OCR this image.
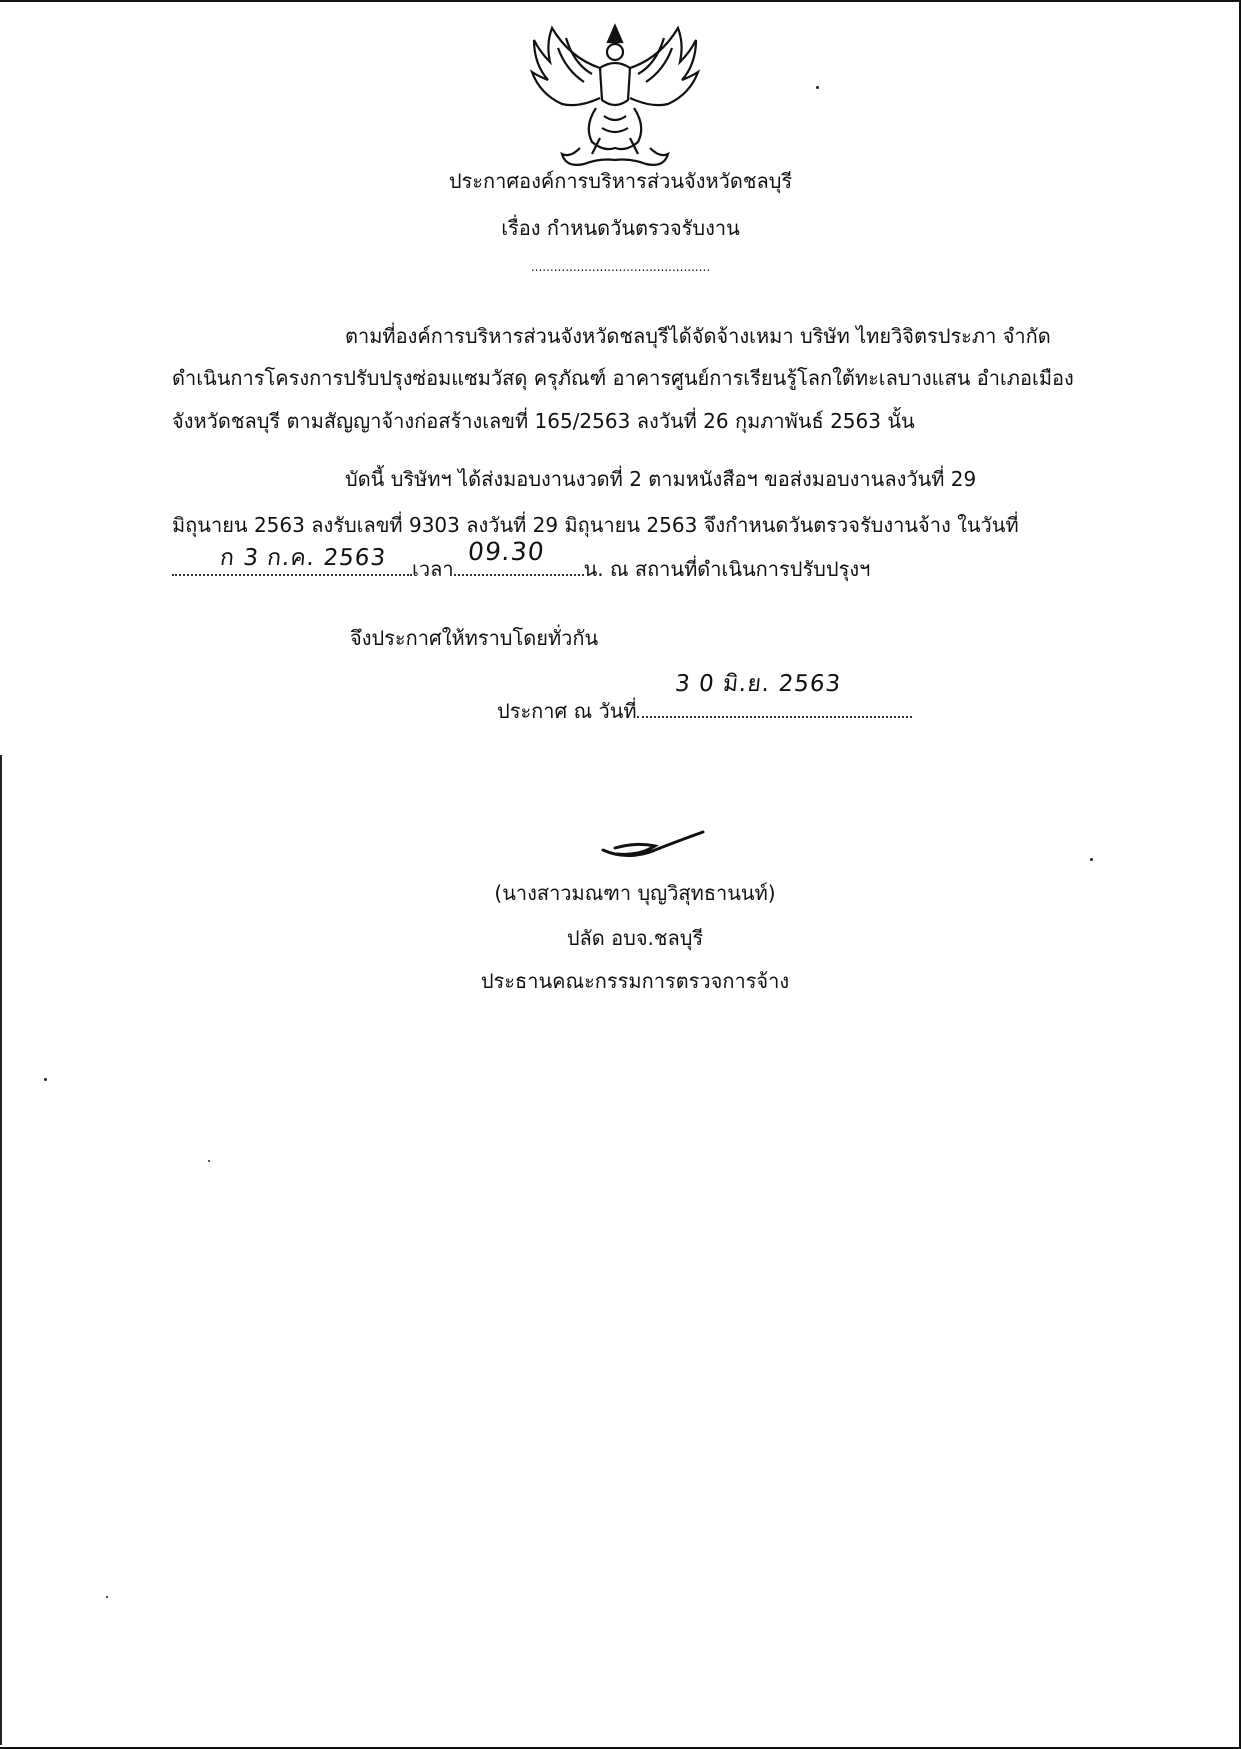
ประกาศองค์การบริหารส่วนจังหวัดชลบุรี
เรื่อง กำหนดวันตรวจรับงาน
...............................................
ตามที่องค์การบริหารส่วนจังหวัดชลบุรีได้จัดจ้างเหมา บริษัท ไทยวิจิตรประภา จำกัด
ดำเนินการโครงการปรับปรุงซ่อมแซมวัสดุ ครุภัณฑ์ อาคารศูนย์การเรียนรู้โลกใต้ทะเลบางแสน อำเภอเมือง
จังหวัดชลบุรี ตามสัญญาจ้างก่อสร้างเลขที่ 165/2563 ลงวันที่ 26 กุมภาพันธ์ 2563 นั้น
บัดนี้ บริษัทฯ ได้ส่งมอบงานงวดที่ 2 ตามหนังสือฯ ขอส่งมอบงานลงวันที่ 29
มิถุนายน 2563 ลงรับเลขที่ 9303 ลงวันที่ 29 มิถุนายน 2563 จึงกำหนดวันตรวจรับงานจ้าง ในวันที่
ก 3 ก.ค. 2563 เวลา
09.30
น. ณ สถานที่ดำเนินการปรับปรุงฯ
จึงประกาศให้ทราบโดยทั่วกัน
ประกาศ ณ วันที่
3 0 มิ.ย. 2563
(นางสาวมณฑา บุญวิสุทธานนท์)
ปลัด อบจ.ชลบุรี
ประธานคณะกรรมการตรวจการจ้าง
